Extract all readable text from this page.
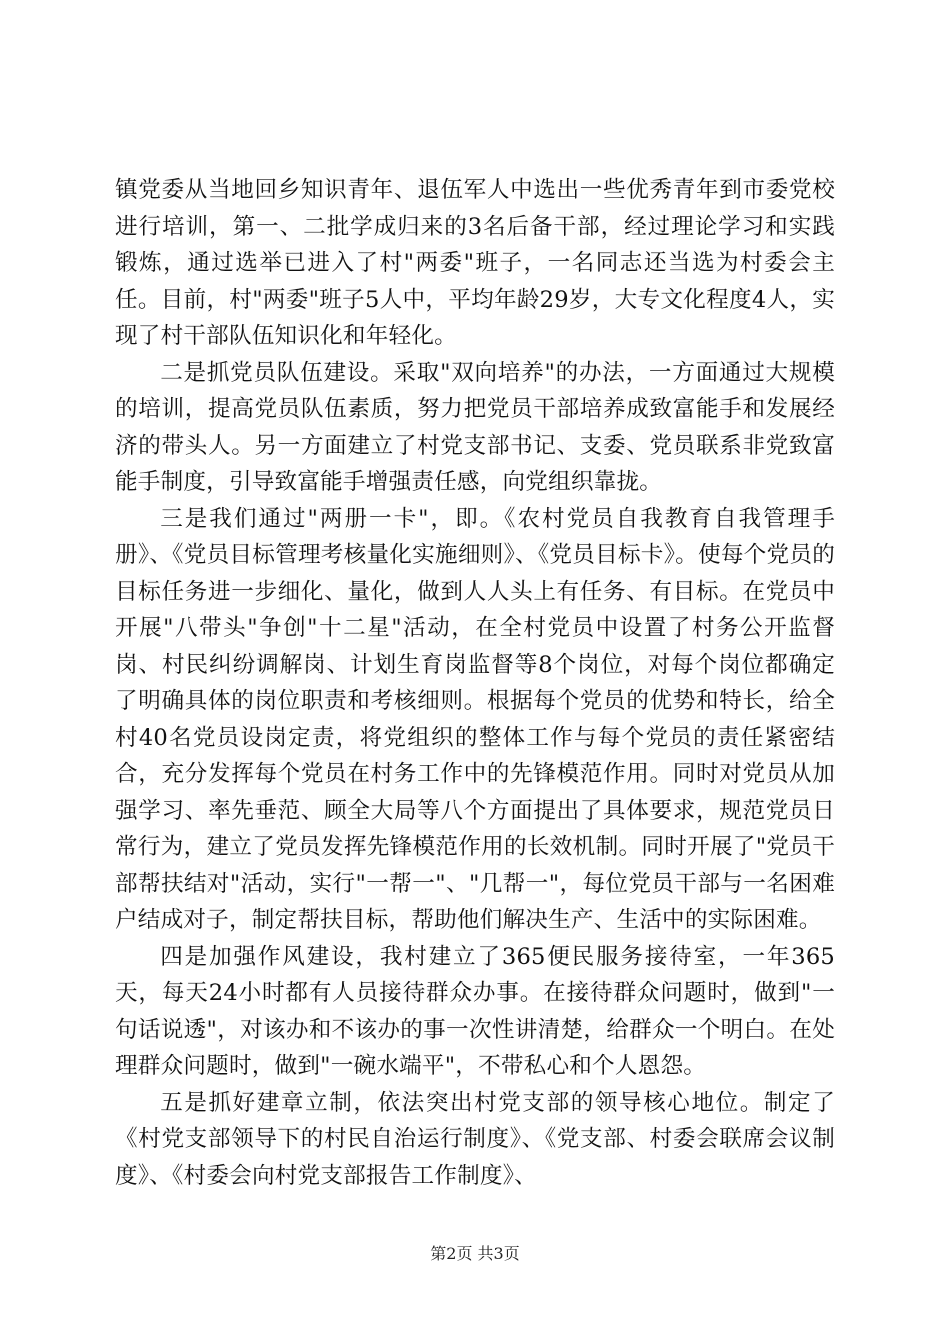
镇党委从当地回乡知识青年、退伍军人中选出一些优秀青年到市委党校进行培训，第一、二批学成归来的3名后备干部，经过理论学习和实践锻炼，通过选举已进入了村"两委"班子，一名同志还当选为村委会主任。目前，村"两委"班子5人中，平均年龄29岁，大专文化程度4人，实现了村干部队伍知识化和年轻化。

二是抓党员队伍建设。采取"双向培养"的办法，一方面通过大规模的培训，提高党员队伍素质，努力把党员干部培养成致富能手和发展经济的带头人。另一方面建立了村党支部书记、支委、党员联系非党致富能手制度，引导致富能手增强责任感，向党组织靠拢。

三是我们通过"两册一卡"，即。《农村党员自我教育自我管理手册》、《党员目标管理考核量化实施细则》、《党员目标卡》。使每个党员的目标任务进一步细化、量化，做到人人头上有任务、有目标。在党员中开展"八带头"争创"十二星"活动，在全村党员中设置了村务公开监督岗、村民纠纷调解岗、计划生育岗监督等8个岗位，对每个岗位都确定了明确具体的岗位职责和考核细则。根据每个党员的优势和特长，给全村40名党员设岗定责，将党组织的整体工作与每个党员的责任紧密结合，充分发挥每个党员在村务工作中的先锋模范作用。同时对党员从加强学习、率先垂范、顾全大局等八个方面提出了具体要求，规范党员日常行为，建立了党员发挥先锋模范作用的长效机制。同时开展了"党员干部帮扶结对"活动，实行"一帮一"、"几帮一"，每位党员干部与一名困难户结成对子，制定帮扶目标，帮助他们解决生产、生活中的实际困难。

四是加强作风建设，我村建立了365便民服务接待室，一年365天，每天24小时都有人员接待群众办事。在接待群众问题时，做到"一句话说透"，对该办和不该办的事一次性讲清楚，给群众一个明白。在处理群众问题时，做到"一碗水端平"，不带私心和个人恩怨。

五是抓好建章立制，依法突出村党支部的领导核心地位。制定了《村党支部领导下的村民自治运行制度》、《党支部、村委会联席会议制度》、《村委会向村党支部报告工作制度》、

第2页 共3页
